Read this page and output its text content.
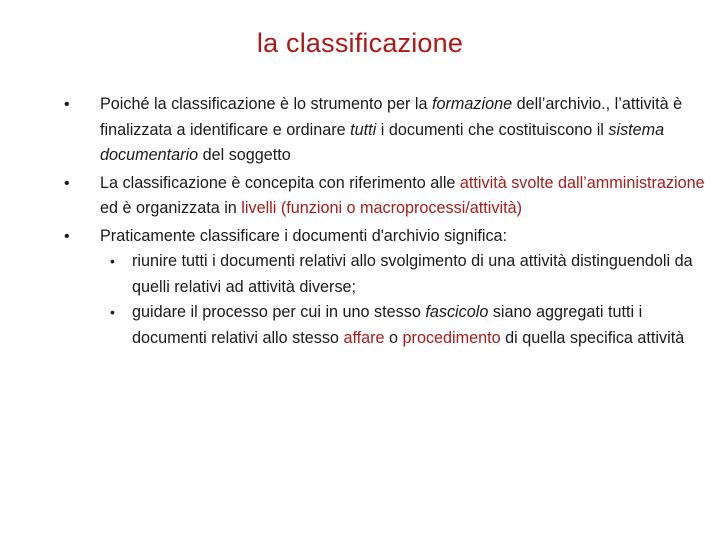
la classificazione
• Poiché la classificazione è lo strumento per la formazione dell’archivio., l’attività è finalizzata a identificare e ordinare tutti i documenti che costituiscono il sistema documentario del soggetto
• La classificazione è concepita con riferimento alle attività svolte dall’amministrazione ed è organizzata in livelli (funzioni o macroprocessi/attività)
• Praticamente classificare i documenti d'archivio significa:
• riunire tutti i documenti relativi allo svolgimento di una attività distinguendoli da quelli relativi ad attività diverse;
• guidare il processo per cui in uno stesso fascicolo siano aggregati tutti i documenti relativi allo stesso affare o procedimento di quella specifica attività
